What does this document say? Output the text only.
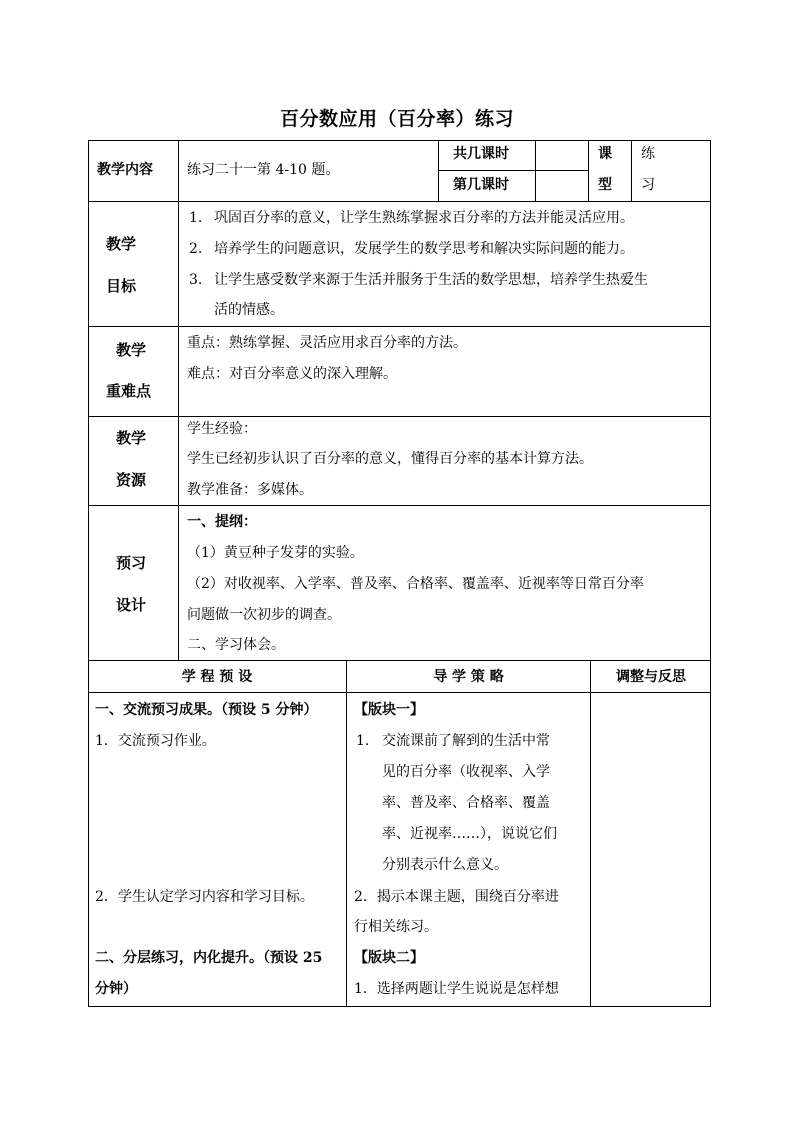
百分数应用（百分率）练习
教学内容 练习二十一第 4-10 题。
共几课时
第几课时
课
型
练
习
教学
目标
1. 巩固百分率的意义，让学生熟练掌握求百分率的方法并能灵活应用。
2. 培养学生的问题意识，发展学生的数学思考和解决实际问题的能力。
3. 让学生感受数学来源于生活并服务于生活的数学思想，培养学生热爱生
活的情感。
教学
重难点
重点：熟练掌握、灵活应用求百分率的方法。
难点：对百分率意义的深入理解。
教学
资源
学生经验：
学生已经初步认识了百分率的意义，懂得百分率的基本计算方法。
教学准备：多媒体。
预习
设计
一、提纲：
（1）黄豆种子发芽的实验。
（2）对收视率、入学率、普及率、合格率、覆盖率、近视率等日常百分率
问题做一次初步的调查。
二、学习体会。
学 程 预 设	导 学 策 略	调整与反思
一、交流预习成果。（预设 5 分钟）
1．交流预习作业。
2．学生认定学习内容和学习目标。
二、分层练习，内化提升。（预设 25
分钟）
【版块一】
1. 交流课前了解到的生活中常
见的百分率（收视率、入学
率、普及率、合格率、覆盖
率、近视率……），说说它们
分别表示什么意义。
2．揭示本课主题，围绕百分率进
行相关练习。
【版块二】
1．选择两题让学生说说是怎样想
